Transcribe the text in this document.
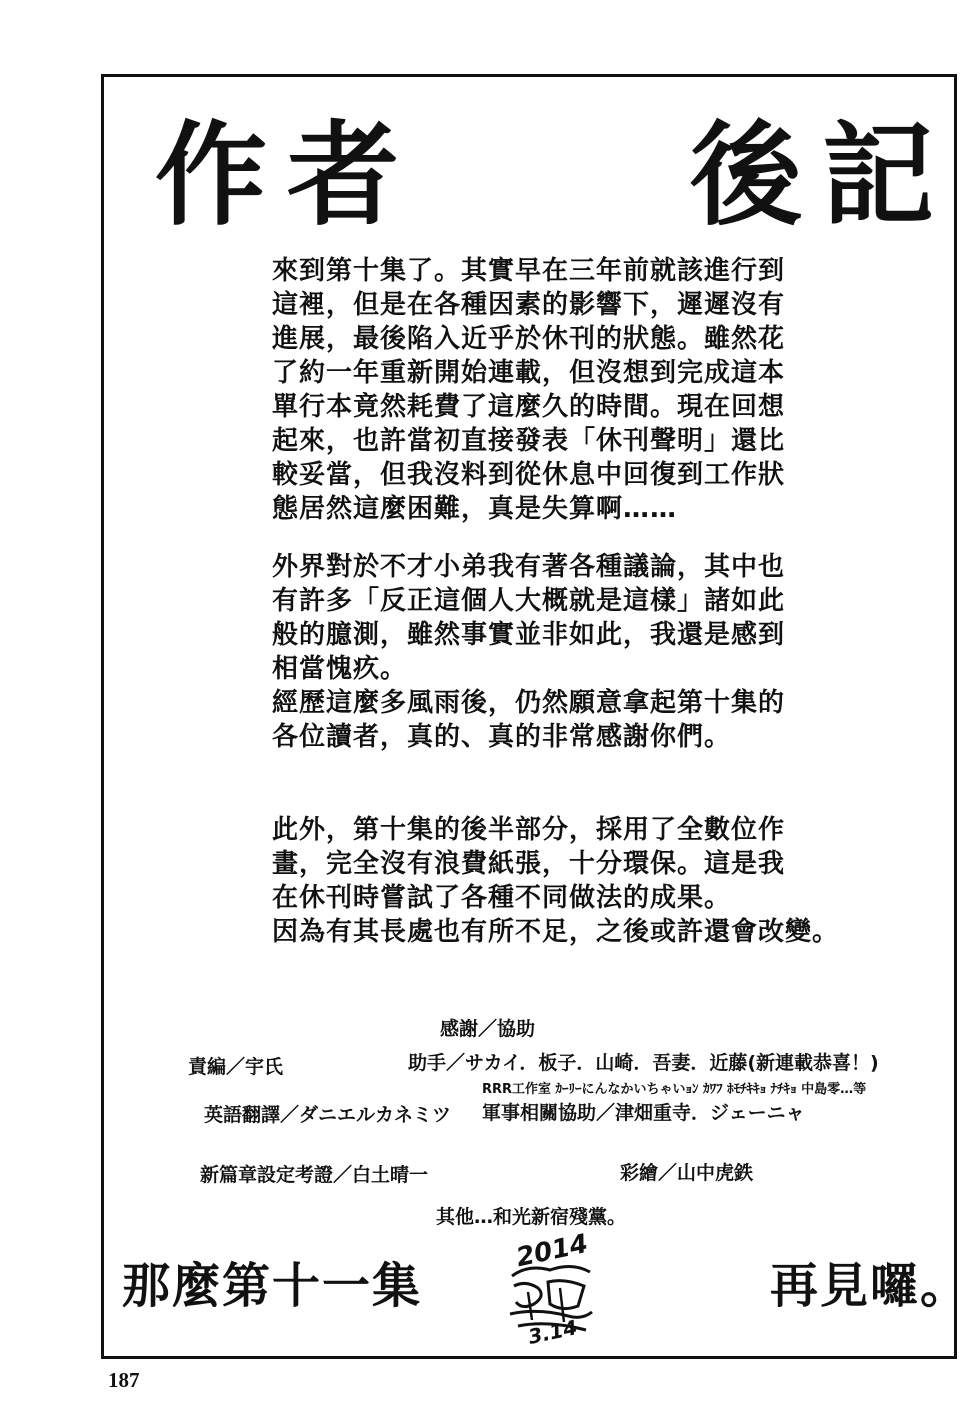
作者 後記
來到第十集了。其實早在三年前就該進行到
這裡，但是在各種因素的影響下，遲遲沒有
進展，最後陷入近乎於休刊的狀態。雖然花
了約一年重新開始連載，但沒想到完成這本
單行本竟然耗費了這麼久的時間。現在回想
起來，也許當初直接發表「休刊聲明」還比
較妥當，但我沒料到從休息中回復到工作狀
態居然這麼困難，真是失算啊……
外界對於不才小弟我有著各種議論，其中也
有許多「反正這個人大概就是這樣」諸如此
般的臆測，雖然事實並非如此，我還是感到
相當愧疚。
經歷這麼多風雨後，仍然願意拿起第十集的
各位讀者，真的、真的非常感謝你們。
此外，第十集的後半部分，採用了全數位作
畫，完全沒有浪費紙張，十分環保。這是我
在休刊時嘗試了各種不同做法的成果。
因為有其長處也有所不足，之後或許還會改變。
感謝／協助
責編／宇氏	助手／サカイ．板子．山崎．吾妻．近藤(新連載恭喜！)
RRR工作室 ｶｰﾘｰにんなかいちゃいｮﾝ ｶﾜﾌ ﾎﾓﾁｷｷｮ ﾅﾁｷｮ 中島零…等
英語翻譯／ダニエルカネミツ 軍事相關協助／津畑重寺．ジェーニャ
新篇章設定考證／白土晴一	彩繪／山中虎鉄
其他…和光新宿殘黨。
那麼第十一集
2014
3.14
再見囉。
187
